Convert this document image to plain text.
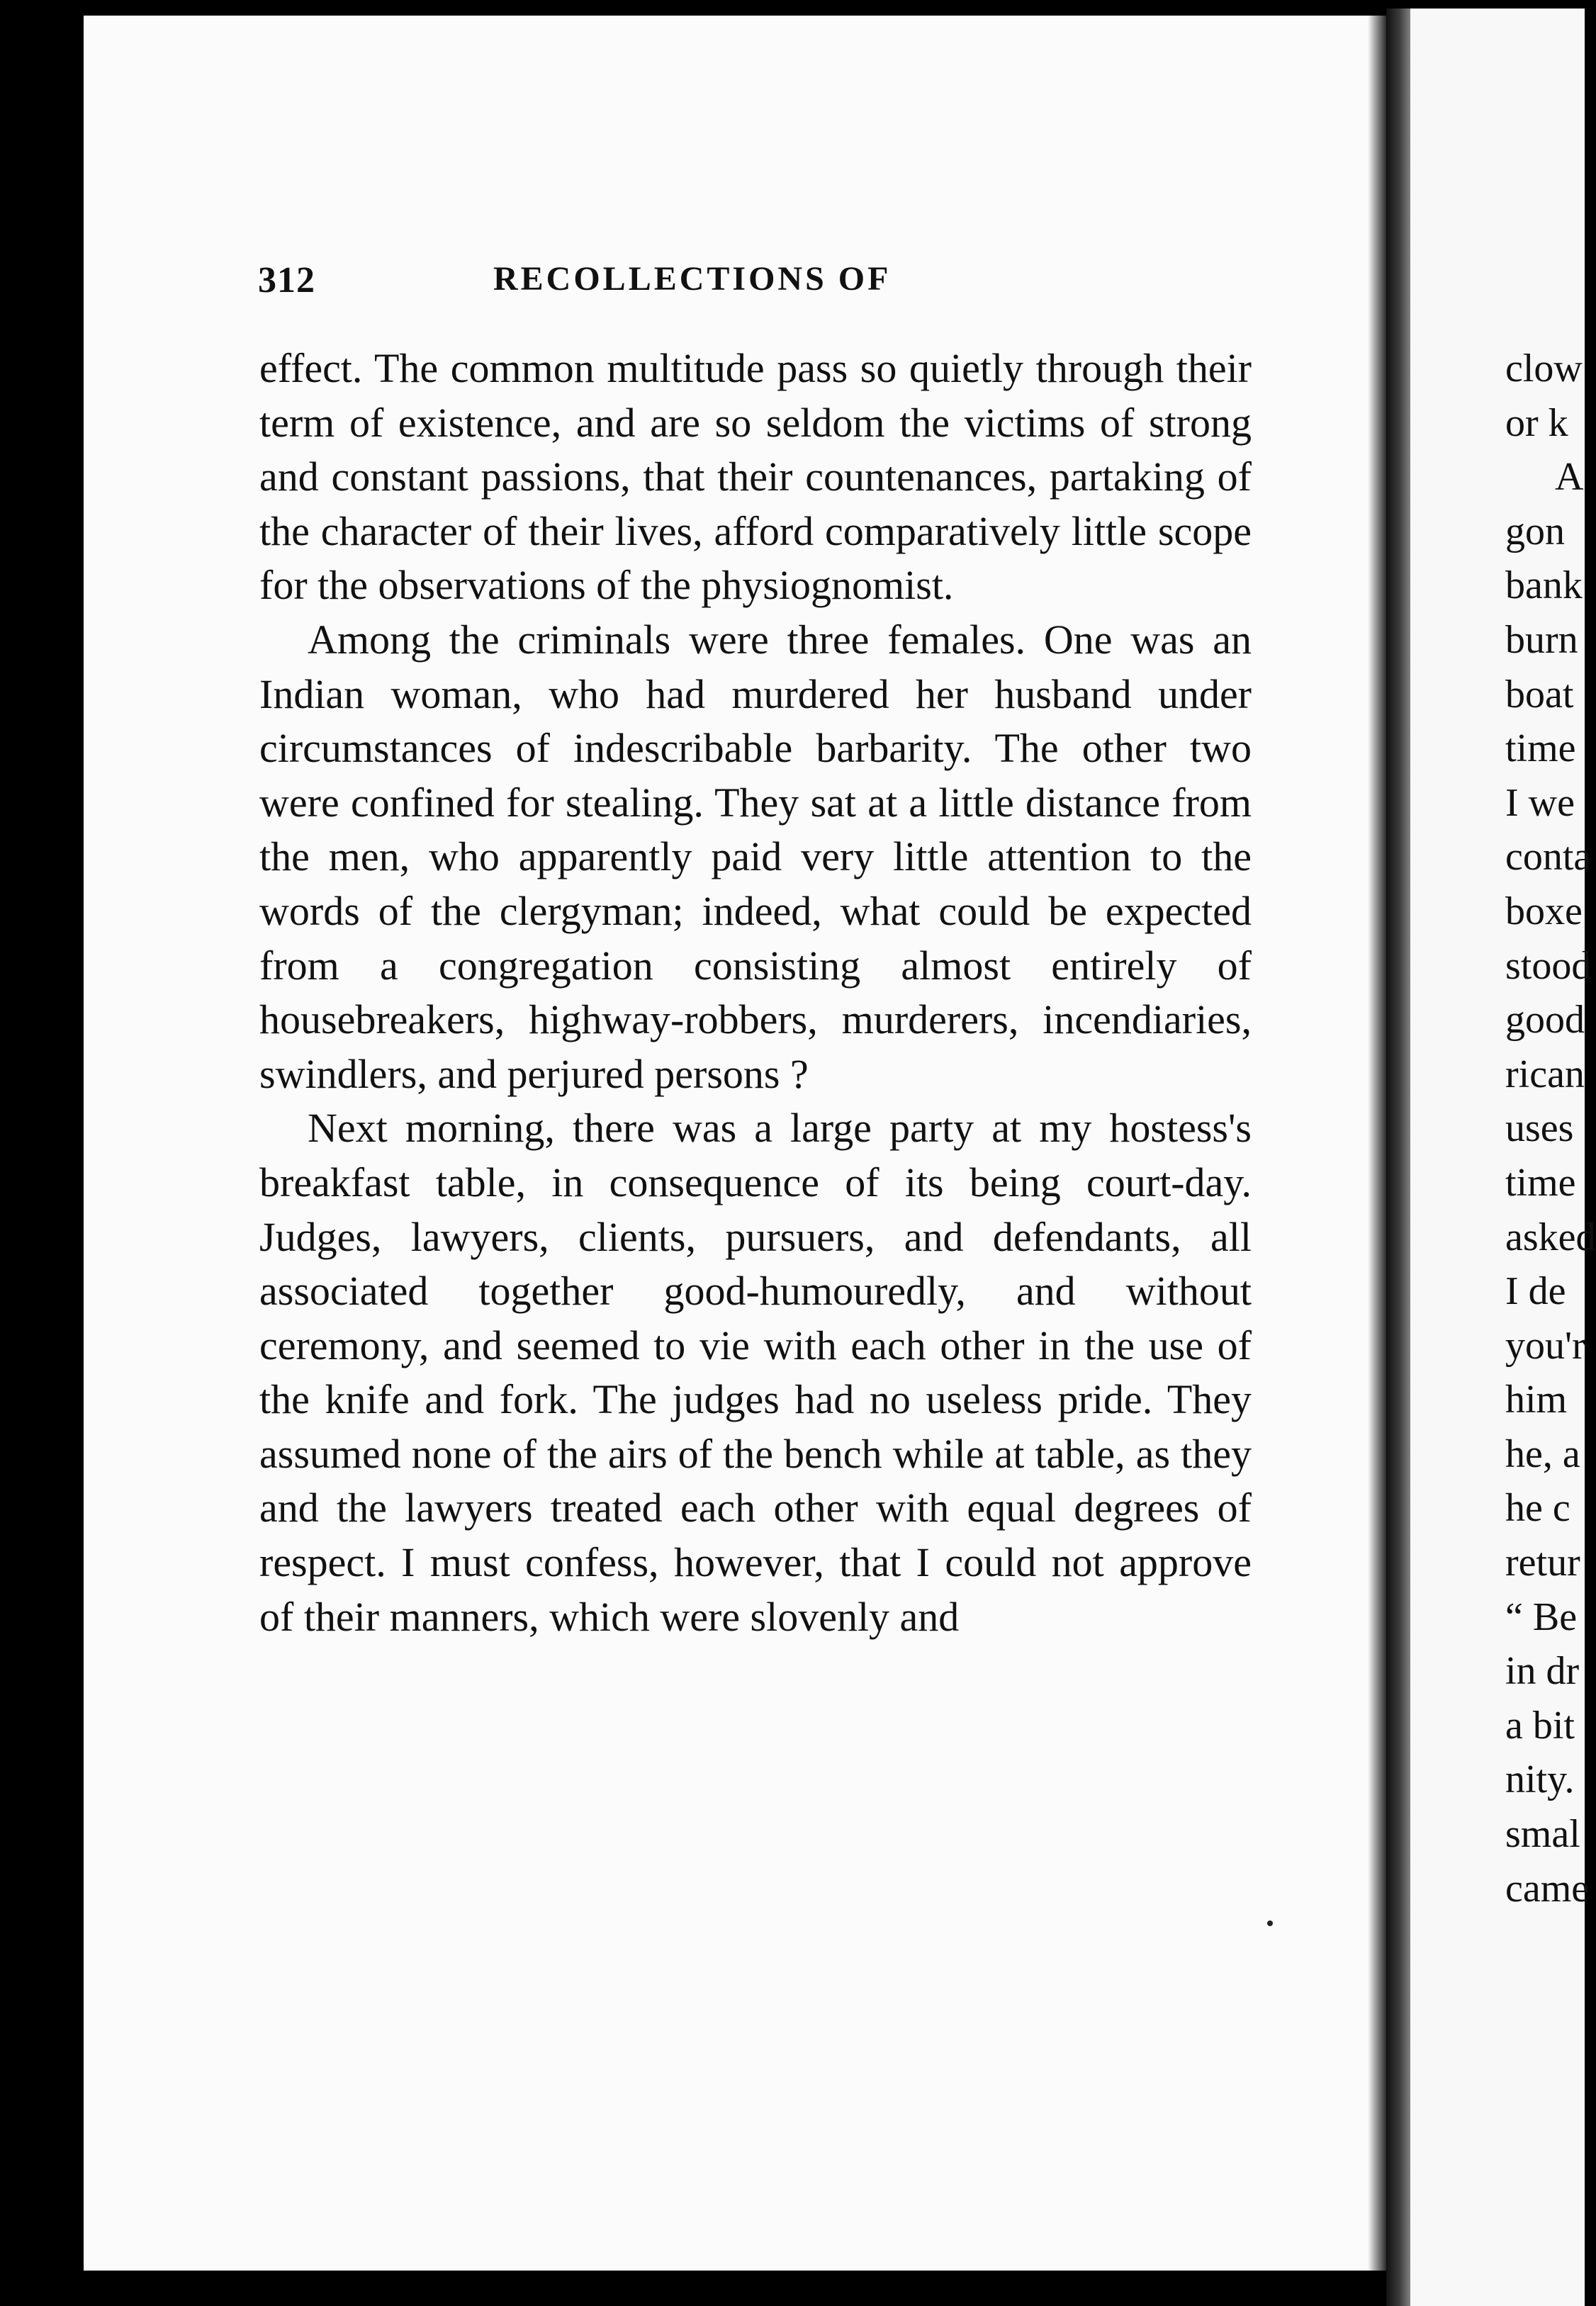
312	RECOLLECTIONS OF

effect. The common multitude pass so quietly through their term of existence, and are so seldom the victims of strong and constant passions, that their countenances, partaking of the character of their lives, afford comparatively little scope for the observations of the physiognomist.

Among the criminals were three females. One was an Indian woman, who had murdered her husband under circumstances of indescribable barbarity. The other two were confined for stealing. They sat at a little distance from the men, who apparently paid very little attention to the words of the clergyman; indeed, what could be expected from a congregation consisting almost entirely of housebreakers, highway-robbers, murderers, incendiaries, swindlers, and perjured persons ?

Next morning, there was a large party at my hostess's breakfast table, in consequence of its being court-day. Judges, lawyers, clients, pursuers, and defendants, all associated together good-humouredly, and without ceremony, and seemed to vie with each other in the use of the knife and fork. The judges had no useless pride. They assumed none of the airs of the bench while at table, as they and the lawyers treated each other with equal degrees of respect. I must confess, however, that I could not approve of their manners, which were slovenly and

clow
or k
A
gon
bank
burn
boat
time
I we
conta
boxe
stood
good
rican
uses
time
asked
I de
you'r
him
he, a
he c
retur
“ Be
in dr
a bit
nity.
smal
came
